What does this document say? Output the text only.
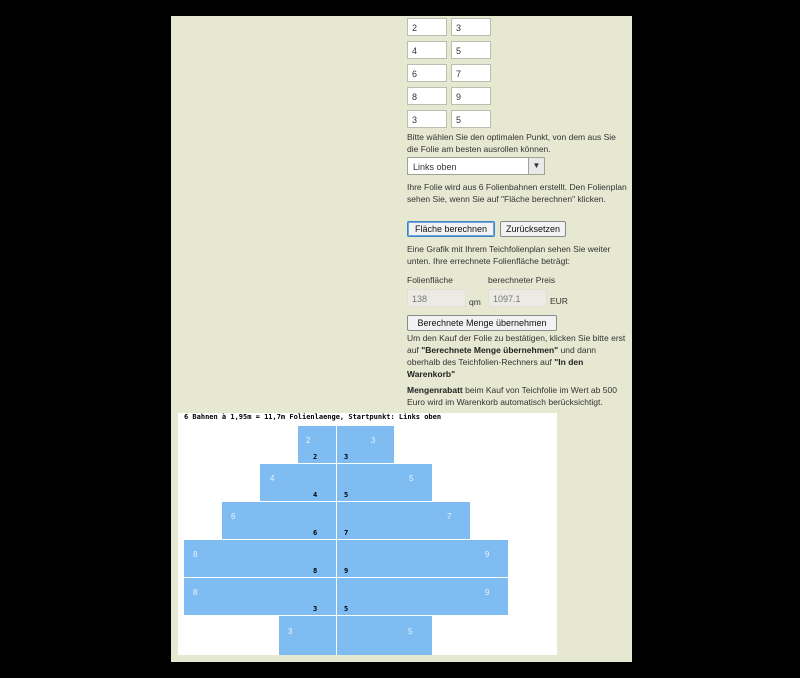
2	3
4	5
6	7
8	9
3	5
Bitte wählen Sie den optimalen Punkt, von dem aus Sie die Folie am besten ausrollen können.
Links oben	▼
Ihre Folie wird aus 6 Folienbahnen erstellt. Den Folienplan sehen Sie, wenn Sie auf "Fläche berechnen" klicken.
Fläche berechnen	Zurücksetzen
Eine Grafik mit Ihrem Teichfolienplan sehen Sie weiter unten. Ihre errechnete Folienfläche beträgt:
Folienfläche	berechneter Preis
138	qm	1097.1	EUR
Berechnete Menge übernehmen
Um den Kauf der Folie zu bestätigen, klicken Sie bitte erst auf "Berechnete Menge übernehmen" und dann oberhalb des Teichfolien-Rechners auf "In den Warenkorb"
Mengenrabatt beim Kauf von Teichfolie im Wert ab 500 Euro wird im Warenkorb automatisch berücksichtigt.
6 Bahnen à 1,95m = 11,7m Folienlaenge, Startpunkt: Links oben
2
2
3
3
4
4
5
5
6
6
7
7
8
8
9
9
8
3
9
5
3	5
